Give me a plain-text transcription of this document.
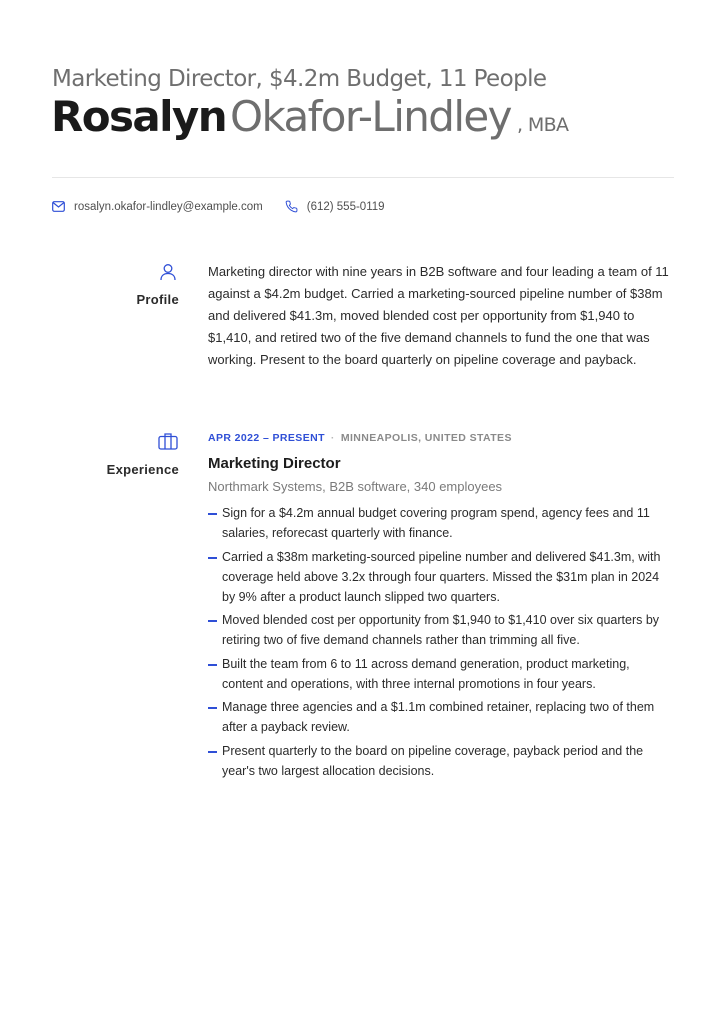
Marketing Director, $4.2m Budget, 11 People
RosalynOkafor-Lindley , MBA
rosalyn.okafor-lindley@example.com	(612) 555-0119
Profile

Marketing director with nine years in B2B software and four leading a team of 11 against a $4.2m budget. Carried a marketing-sourced pipeline number of $38m and delivered $41.3m, moved blended cost per opportunity from $1,940 to $1,410, and retired two of the five demand channels to fund the one that was working. Present to the board quarterly on pipeline coverage and payback.

Experience
APR 2022 – PRESENT · MINNEAPOLIS, UNITED STATES
Marketing Director
Northmark Systems, B2B software, 340 employees
Sign for a $4.2m annual budget covering program spend, agency fees and 11 salaries, reforecast quarterly with finance.
Carried a $38m marketing-sourced pipeline number and delivered $41.3m, with coverage held above 3.2x through four quarters. Missed the $31m plan in 2024 by 9% after a product launch slipped two quarters.
Moved blended cost per opportunity from $1,940 to $1,410 over six quarters by retiring two of five demand channels rather than trimming all five.
Built the team from 6 to 11 across demand generation, product marketing, content and operations, with three internal promotions in four years.
Manage three agencies and a $1.1m combined retainer, replacing two of them after a payback review.
Present quarterly to the board on pipeline coverage, payback period and the year's two largest allocation decisions.
